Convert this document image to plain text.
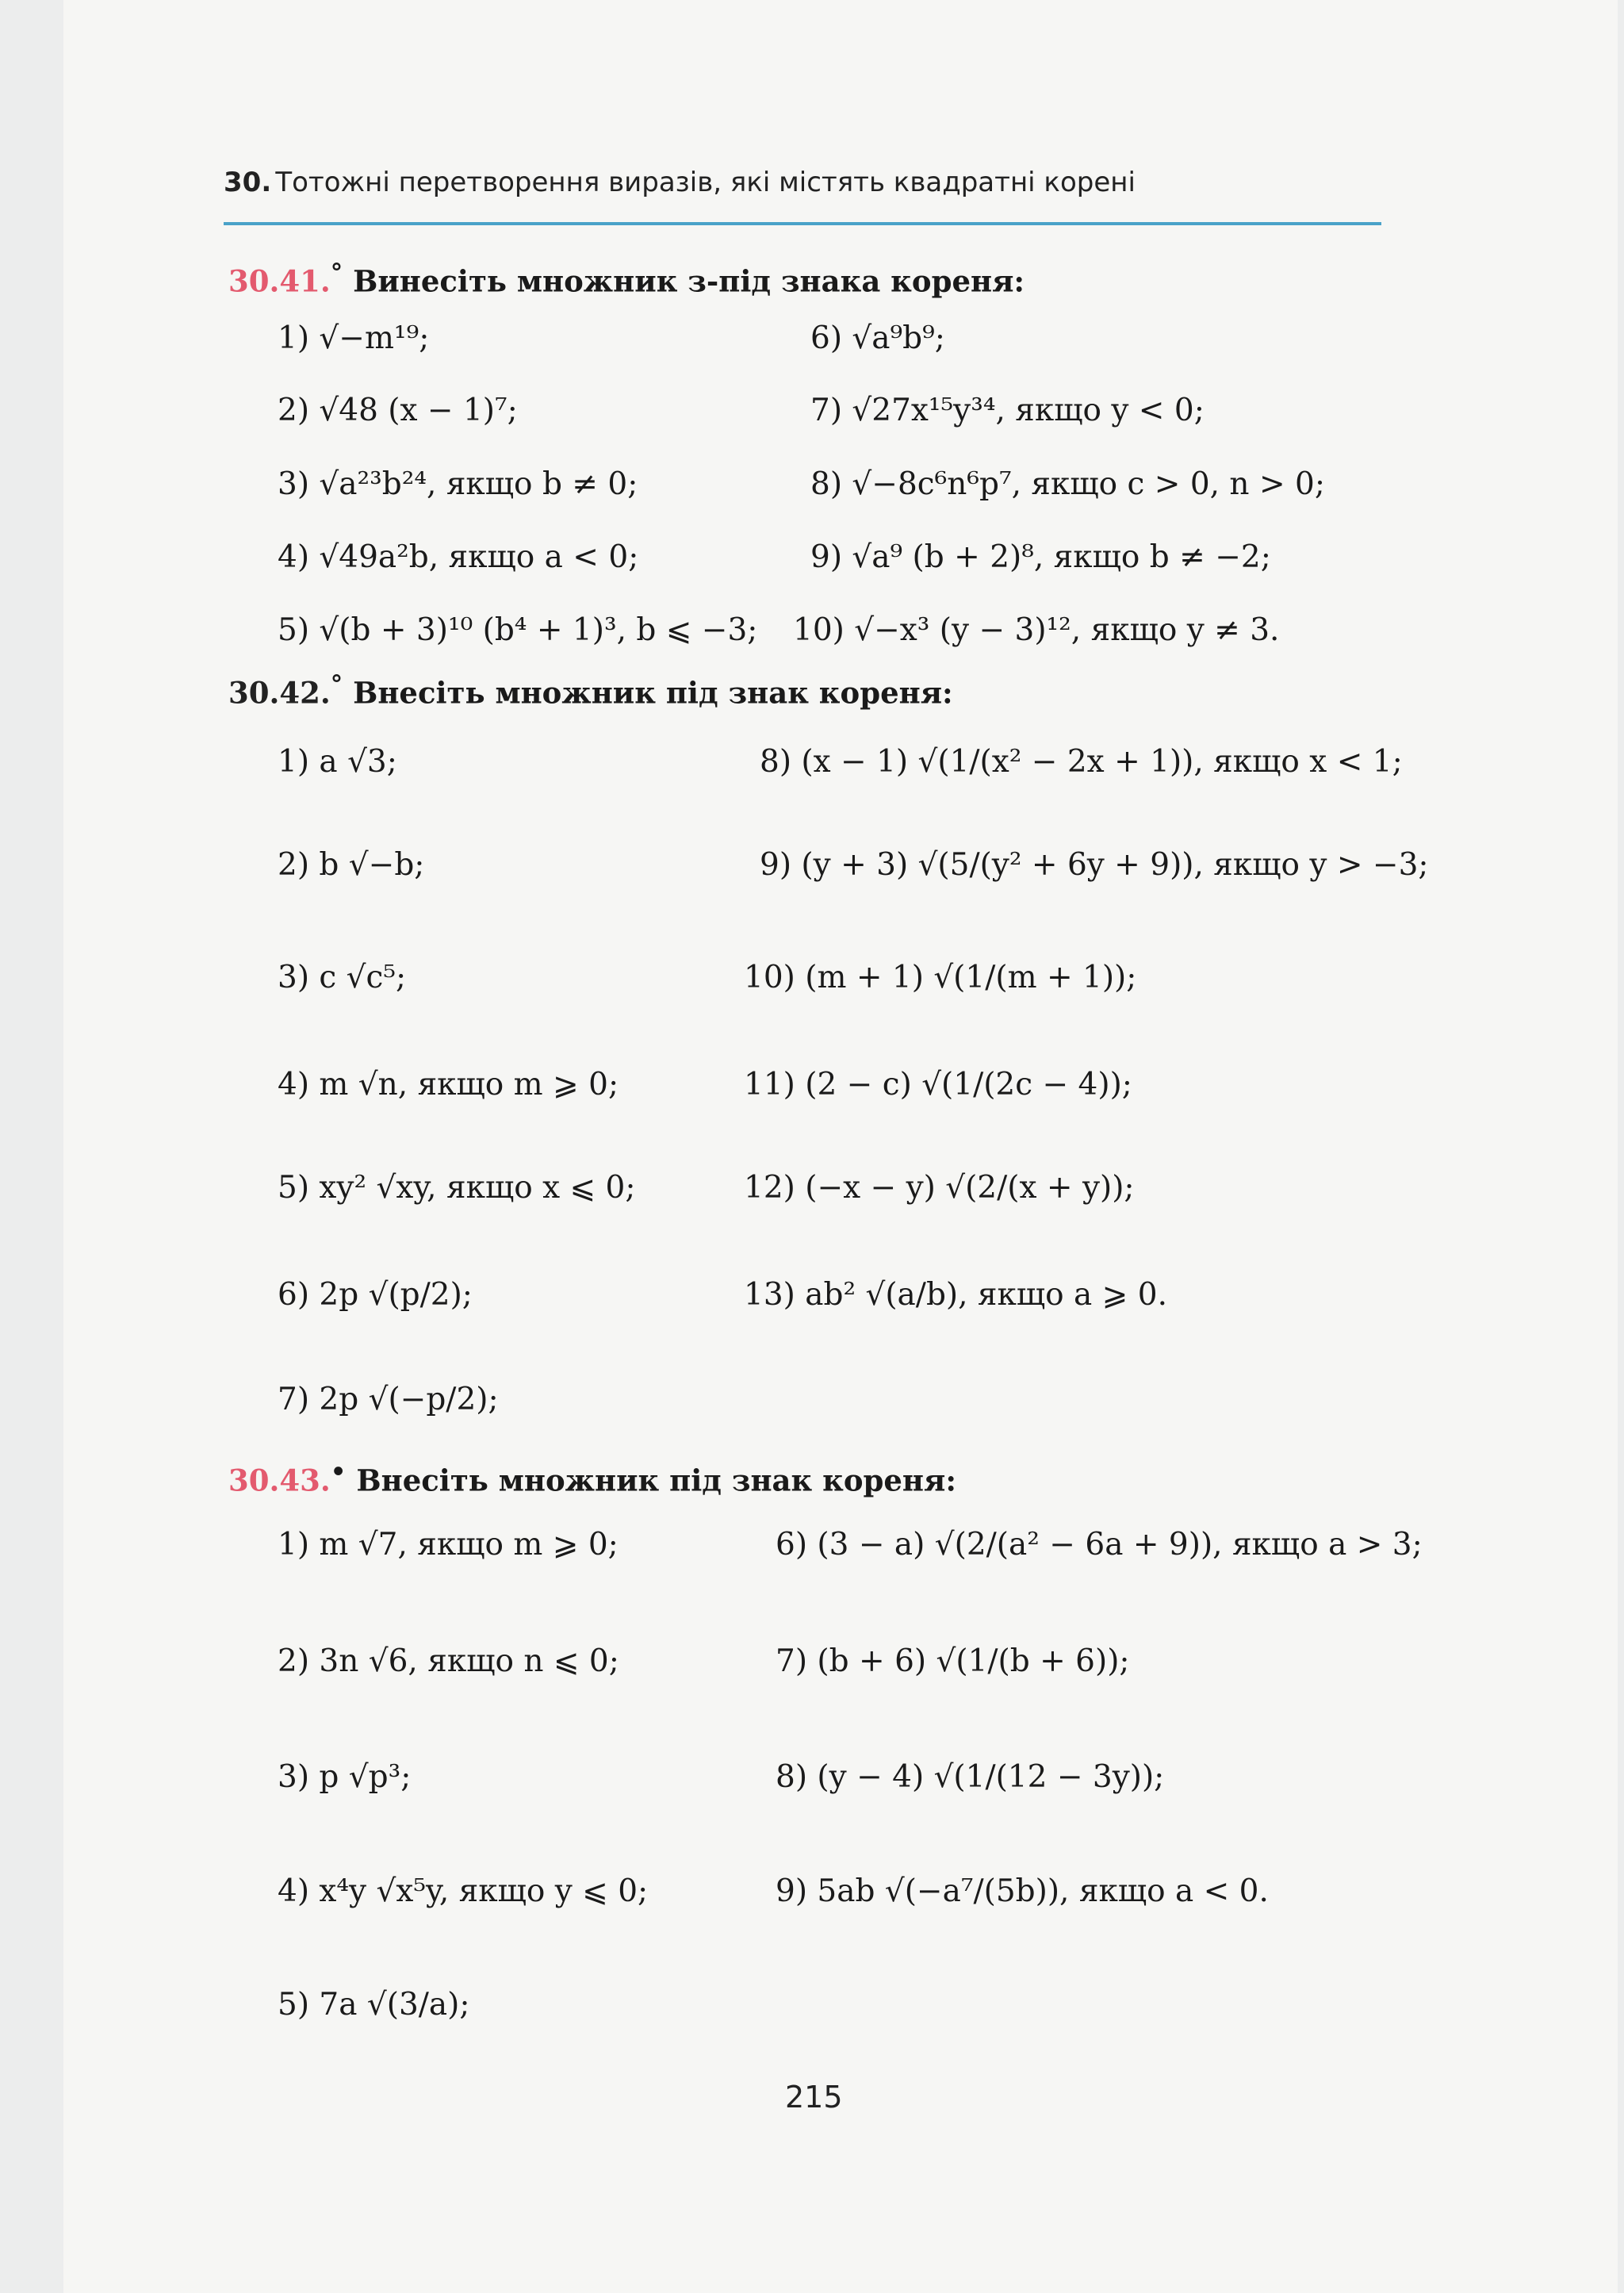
30. Тотожні перетворення виразів, які містять квадратні корені
30.41.° Винесіть множник з-під знака кореня:
1) √−m¹⁹;
2) √48 (x − 1)⁷;
3) √a²³b²⁴, якщо b ≠ 0;
4) √49a²b, якщо a < 0;
5) √(b + 3)¹⁰ (b⁴ + 1)³, b ⩽ −3;
6) √a⁹b⁹;
7) √27x¹⁵y³⁴, якщо y < 0;
8) √−8c⁶n⁶p⁷, якщо c > 0, n > 0;
9) √a⁹ (b + 2)⁸, якщо b ≠ −2;
10) √−x³ (y − 3)¹², якщо y ≠ 3.
30.42.° Внесіть множник під знак кореня:
1) a √3;
2) b √−b;
3) c √c⁵;
4) m √n, якщо m ⩾ 0;
5) xy² √xy, якщо x ⩽ 0;
6) 2p √(p/2);
7) 2p √(−p/2);
8) (x − 1) √(1/(x² − 2x + 1)), якщо x < 1;
9) (y + 3) √(5/(y² + 6y + 9)), якщо y > −3;
10) (m + 1) √(1/(m + 1));
11) (2 − c) √(1/(2c − 4));
12) (−x − y) √(2/(x + y));
13) ab² √(a/b), якщо a ⩾ 0.
30.43.• Внесіть множник під знак кореня:
1) m √7, якщо m ⩾ 0;
2) 3n √6, якщо n ⩽ 0;
3) p √p³;
4) x⁴y √x⁵y, якщо y ⩽ 0;
5) 7a √(3/a);
6) (3 − a) √(2/(a² − 6a + 9)), якщо a > 3;
7) (b + 6) √(1/(b + 6));
8) (y − 4) √(1/(12 − 3y));
9) 5ab √(−a⁷/(5b)), якщо a < 0.
215
